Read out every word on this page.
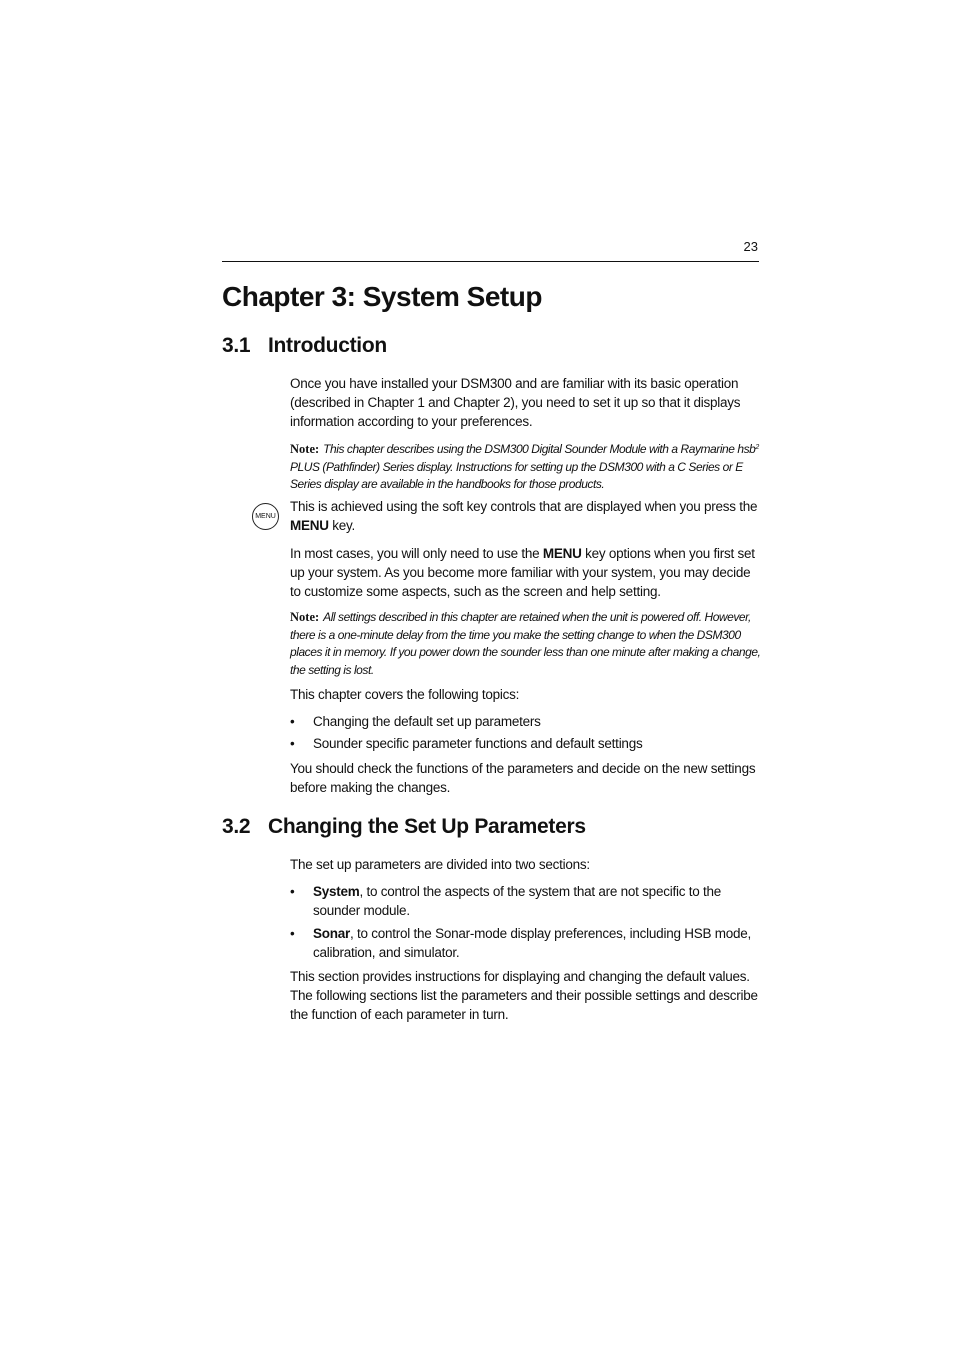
23
Chapter 3: System Setup
3.1 Introduction

Once you have installed your DSM300 and are familiar with its basic operation (described in Chapter 1 and Chapter 2), you need to set it up so that it displays information according to your preferences.

Note: This chapter describes using the DSM300 Digital Sounder Module with a Raymarine hsb$^2$ PLUS (Pathfinder) Series display. Instructions for setting up the DSM300 with a C Series or E Series display are available in the handbooks for those products.

MENU

This is achieved using the soft key controls that are displayed when you press the MENU key.

In most cases, you will only need to use the MENU key options when you first set up your system. As you become more familiar with your system, you may decide to customize some aspects, such as the screen and help setting.

Note: All settings described in this chapter are retained when the unit is powered off. However, there is a one-minute delay from the time you make the setting change to when the DSM300 places it in memory. If you power down the sounder less than one minute after making a change, the setting is lost.

This chapter covers the following topics:

• Changing the default set up parameters
• Sounder specific parameter functions and default settings

You should check the functions of the parameters and decide on the new settings before making the changes.

3.2 Changing the Set Up Parameters

The set up parameters are divided into two sections:

• System, to control the aspects of the system that are not specific to the sounder module.
• Sonar, to control the Sonar-mode display preferences, including HSB mode, calibration, and simulator.

This section provides instructions for displaying and changing the default values. The following sections list the parameters and their possible settings and describe the function of each parameter in turn.
